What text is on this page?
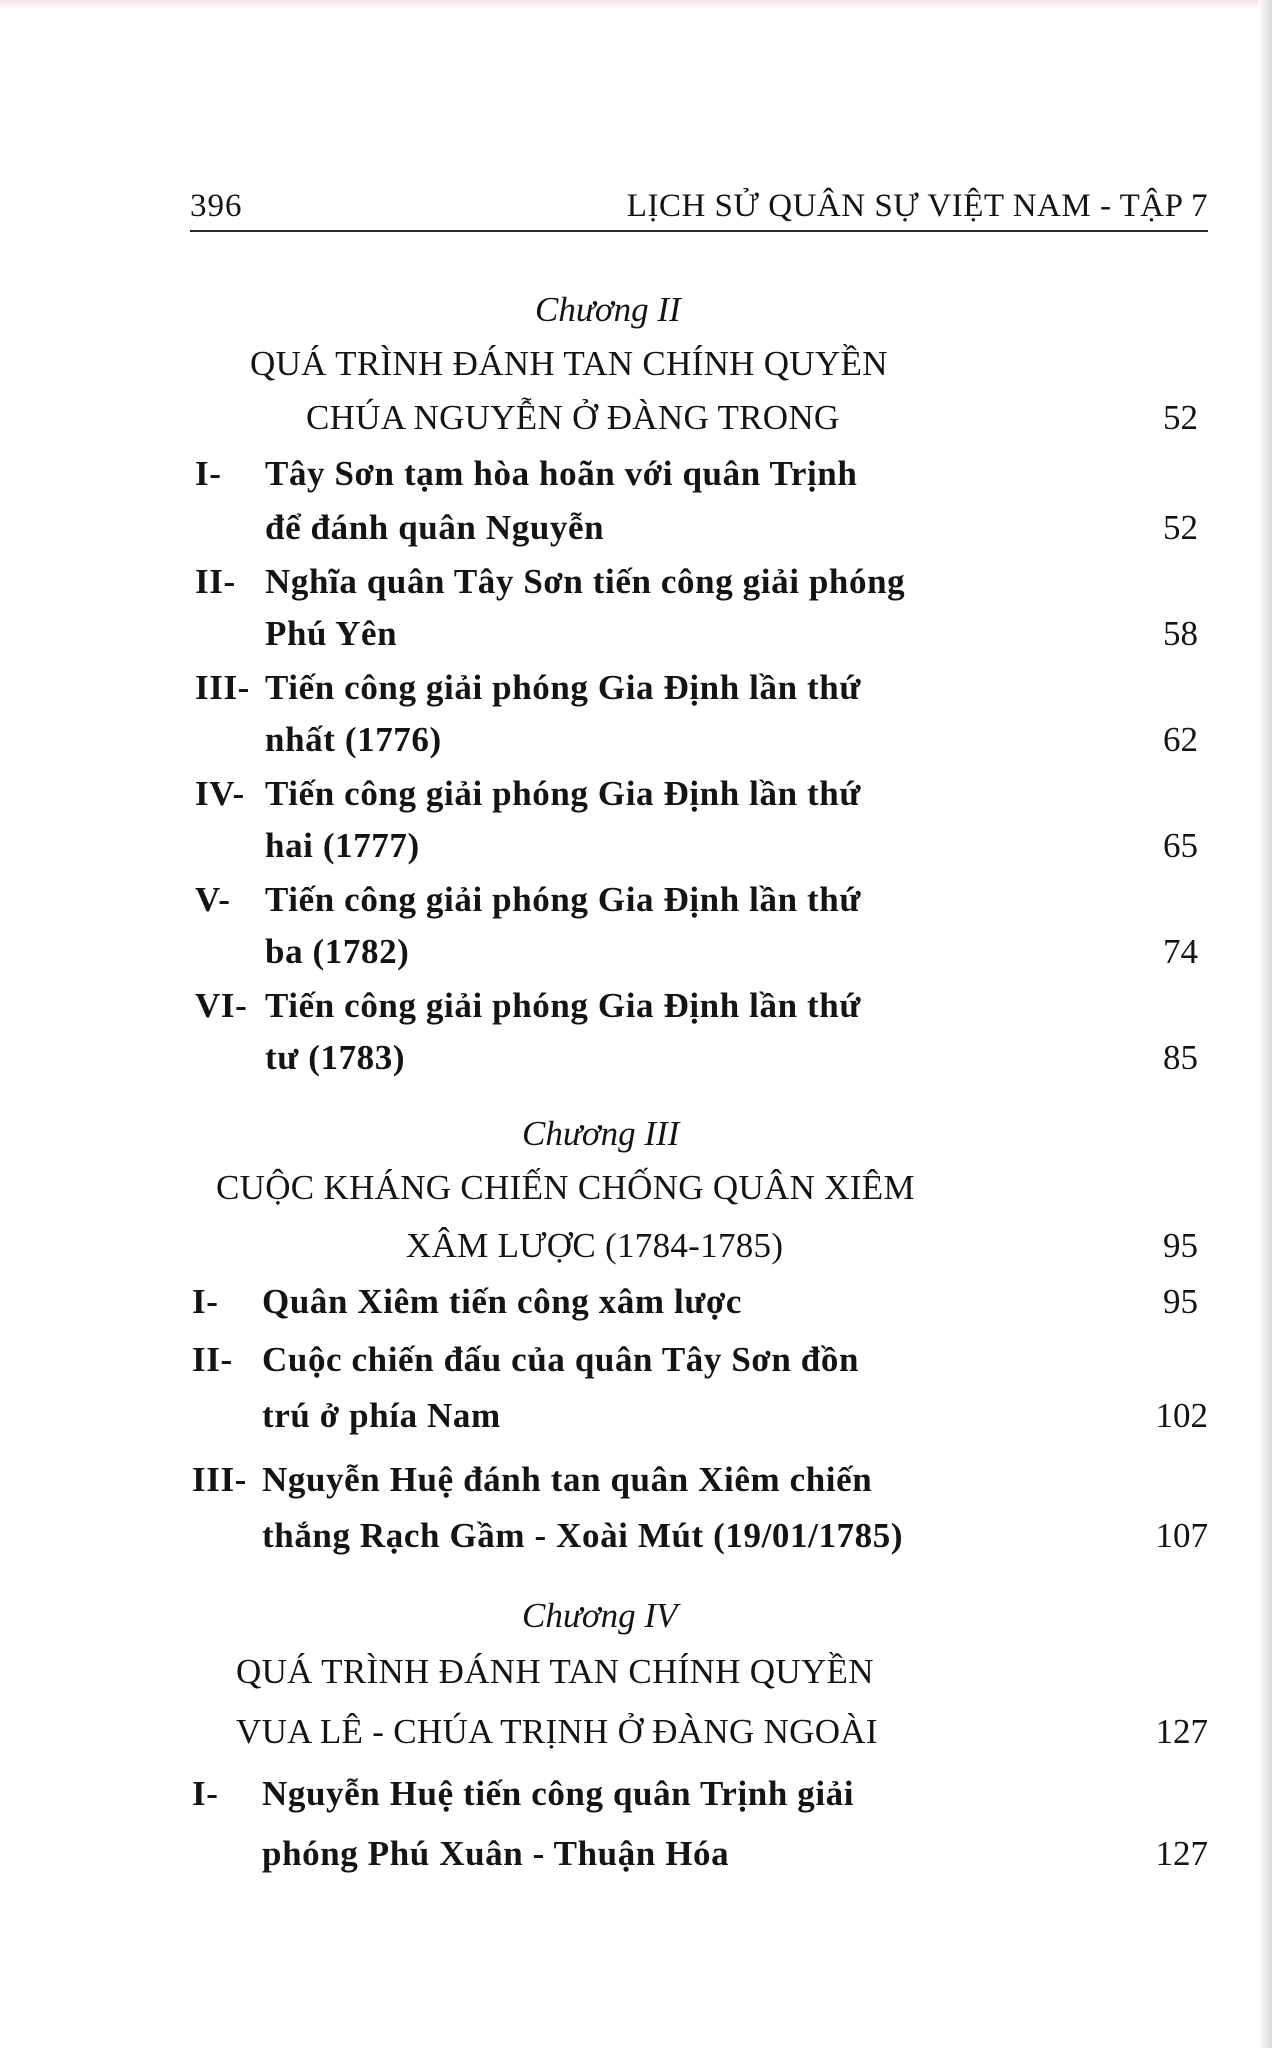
396	LỊCH SỬ QUÂN SỰ VIỆT NAM - TẬP 7
Chương II
QUÁ TRÌNH ĐÁNH TAN CHÍNH QUYỀN
CHÚA NGUYỄN Ở ĐÀNG TRONG	52
I- Tây Sơn tạm hòa hoãn với quân Trịnh
để đánh quân Nguyễn	52
II- Nghĩa quân Tây Sơn tiến công giải phóng
Phú Yên	58
III- Tiến công giải phóng Gia Định lần thứ
nhất (1776)	62
IV- Tiến công giải phóng Gia Định lần thứ
hai (1777)	65
V- Tiến công giải phóng Gia Định lần thứ
ba (1782)	74
VI- Tiến công giải phóng Gia Định lần thứ
tư (1783)	85
Chương III
CUỘC KHÁNG CHIẾN CHỐNG QUÂN XIÊM
XÂM LƯỢC (1784-1785)	95
I- Quân Xiêm tiến công xâm lược	95
II- Cuộc chiến đấu của quân Tây Sơn đồn
trú ở phía Nam	102
III- Nguyễn Huệ đánh tan quân Xiêm chiến
thắng Rạch Gầm - Xoài Mút (19/01/1785)	107
Chương IV
QUÁ TRÌNH ĐÁNH TAN CHÍNH QUYỀN
VUA LÊ - CHÚA TRỊNH Ở ĐÀNG NGOÀI	127
I- Nguyễn Huệ tiến công quân Trịnh giải
phóng Phú Xuân - Thuận Hóa	127
